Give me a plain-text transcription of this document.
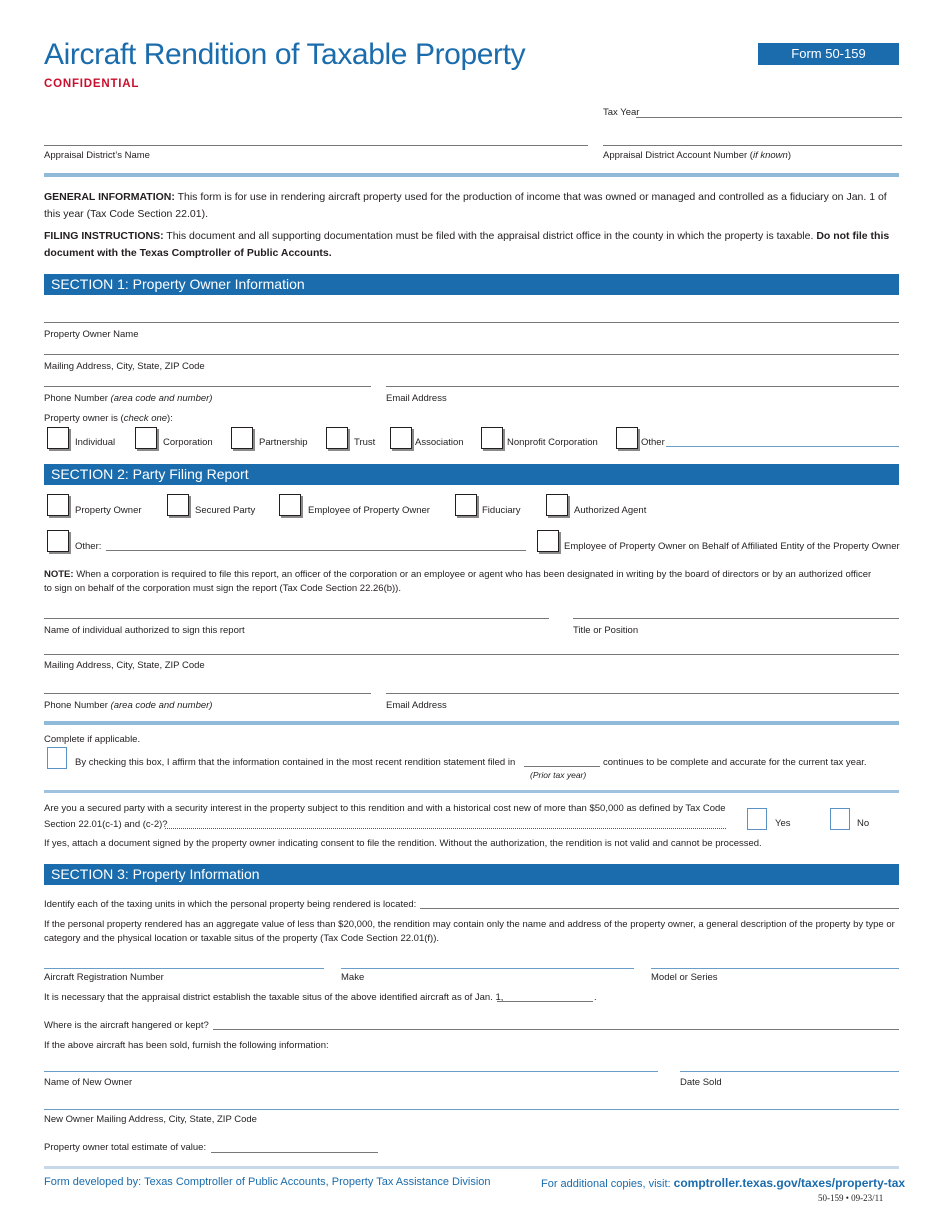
Aircraft Rendition of Taxable Property
CONFIDENTIAL
Form 50-159
Tax Year
Appraisal District’s Name	Appraisal District Account Number (if known)
GENERAL INFORMATION: This form is for use in rendering aircraft property used for the production of income that was owned or managed and controlled as a fiduciary on Jan. 1 of this year (Tax Code Section 22.01).
FILING INSTRUCTIONS: This document and all supporting documentation must be filed with the appraisal district office in the county in which the property is taxable. Do not file this document with the Texas Comptroller of Public Accounts.
SECTION 1: Property Owner Information
Property Owner Name
Mailing Address, City, State, ZIP Code
Phone Number (area code and number)	Email Address
Property owner is (check one):
Individual	Corporation	Partnership	Trust	Association	Nonprofit Corporation	Other
SECTION 2: Party Filing Report
Property Owner	Secured Party	Employee of Property Owner	Fiduciary	Authorized Agent
Other:	Employee of Property Owner on Behalf of Affiliated Entity of the Property Owner
NOTE: When a corporation is required to file this report, an officer of the corporation or an employee or agent who has been designated in writing by the board of directors or by an authorized officer
to sign on behalf of the corporation must sign the report (Tax Code Section 22.26(b)).
Name of individual authorized to sign this report	Title or Position
Mailing Address, City, State, ZIP Code
Phone Number (area code and number)	Email Address
Complete if applicable.
By checking this box, I affirm that the information contained in the most recent rendition statement filed in	continues to be complete and accurate for the current tax year.
(Prior tax year)
Are you a secured party with a security interest in the property subject to this rendition and with a historical cost new of more than $50,000 as defined by Tax Code
Section 22.01(c-1) and (c-2)?	Yes	No
If yes, attach a document signed by the property owner indicating consent to file the rendition. Without the authorization, the rendition is not valid and cannot be processed.
SECTION 3: Property Information
Identify each of the taxing units in which the personal property being rendered is located:
If the personal property rendered has an aggregate value of less than $20,000, the rendition may contain only the name and address of the property owner, a general description of the property by type or
category and the physical location or taxable situs of the property (Tax Code Section 22.01(f)).
Aircraft Registration Number	Make	Model or Series
It is necessary that the appraisal district establish the taxable situs of the above identified aircraft as of Jan. 1,	.
Where is the aircraft hangered or kept?
If the above aircraft has been sold, furnish the following information:
Name of New Owner	Date Sold
New Owner Mailing Address, City, State, ZIP Code
Property owner total estimate of value:
Form developed by: Texas Comptroller of Public Accounts, Property Tax Assistance Division	For additional copies, visit: comptroller.texas.gov/taxes/property-tax
50-159 • 09-23/11
